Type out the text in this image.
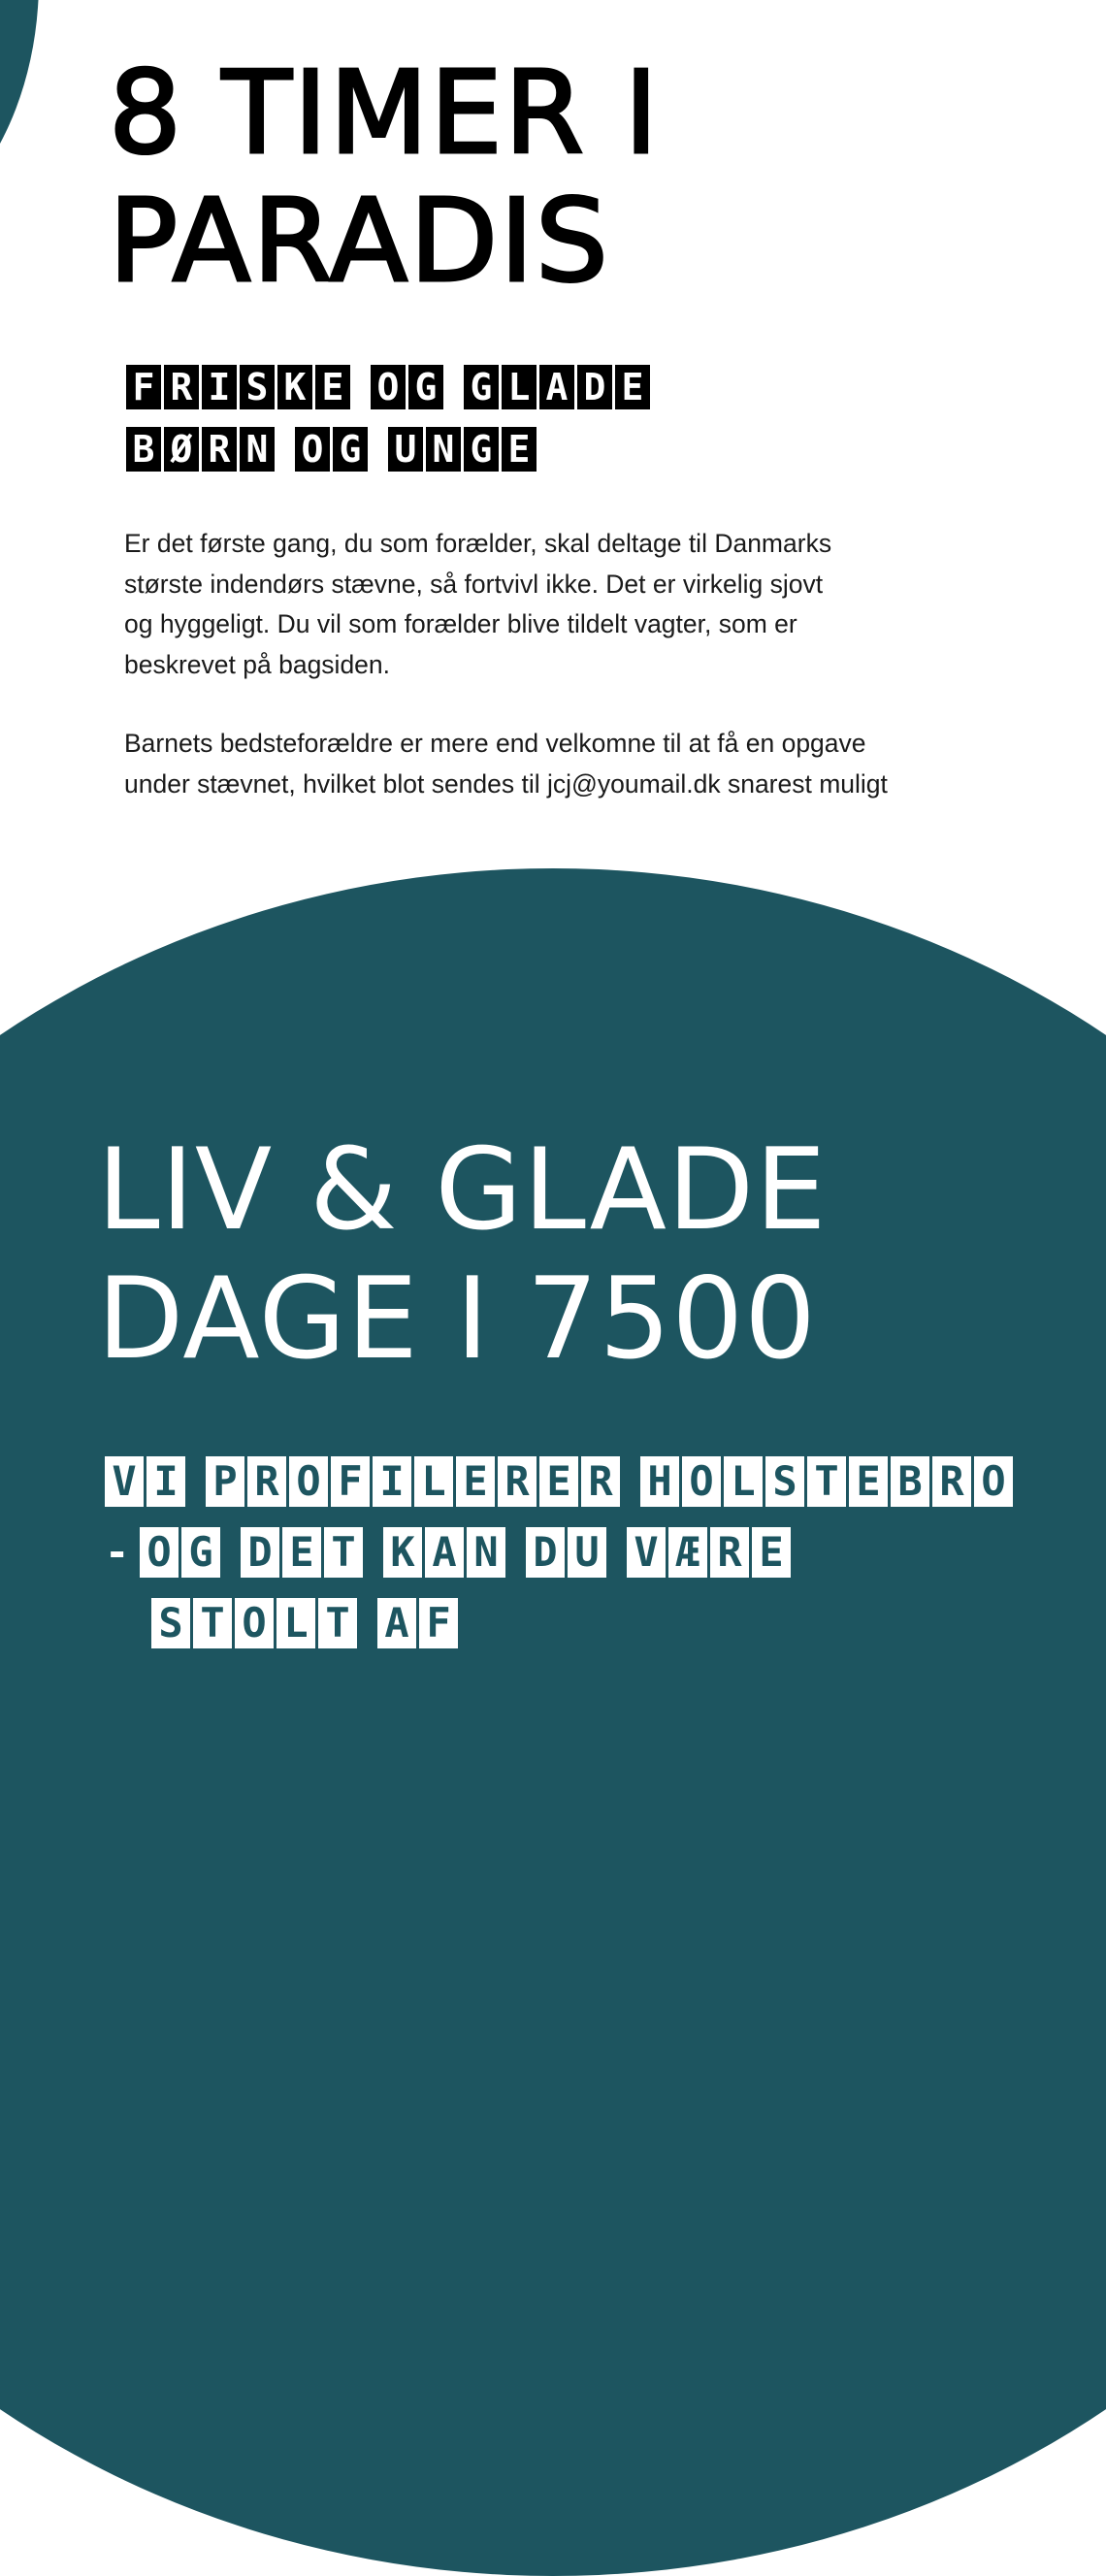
8 TIMER I
PARADIS
F R I S K E O G G L A D E
B Ø R N O G U N G E

Er det første gang, du som forælder, skal deltage til Danmarks
største indendørs stævne, så fortvivl ikke. Det er virkelig sjovt
og hyggeligt. Du vil som forælder blive tildelt vagter, som er
beskrevet på bagsiden.

Barnets bedsteforældre er mere end velkomne til at få en opgave
under stævnet, hvilket blot sendes til jcj@youmail.dk snarest muligt

LIV & GLADE
DAGE I 7500
V I P R O F I L E R E R H O L S T E B R O
- O G D E T K A N D U V Æ R E
S T O L T A F
